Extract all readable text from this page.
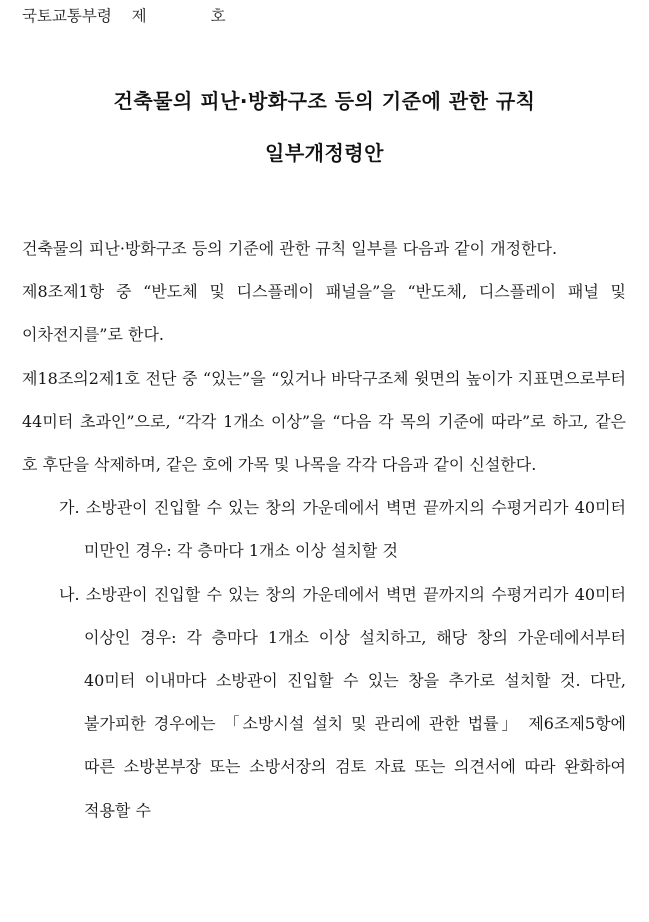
국토교통부령 제	호
건축물의 피난·방화구조 등의 기준에 관한 규칙
일부개정령안

건축물의 피난·방화구조 등의 기준에 관한 규칙 일부를 다음과 같이 개정한다.

제8조제1항 중 “반도체 및 디스플레이 패널을”을 “반도체, 디스플레이 패널 및 이차전지를”로 한다.

제18조의2제1호 전단 중 “있는”을 “있거나 바닥구조체 윗면의 높이가 지표면으로부터 44미터 초과인”으로, “각각 1개소 이상”을 “다음 각 목의 기준에 따라”로 하고, 같은 호 후단을 삭제하며, 같은 호에 가목 및 나목을 각각 다음과 같이 신설한다.

가. 소방관이 진입할 수 있는 창의 가운데에서 벽면 끝까지의 수평거리가 40미터 미만인 경우: 각 층마다 1개소 이상 설치할 것

나. 소방관이 진입할 수 있는 창의 가운데에서 벽면 끝까지의 수평거리가 40미터 이상인 경우: 각 층마다 1개소 이상 설치하고, 해당 창의 가운데에서부터 40미터 이내마다 소방관이 진입할 수 있는 창을 추가로 설치할 것. 다만, 불가피한 경우에는 「소방시설 설치 및 관리에 관한 법률」 제6조제5항에 따른 소방본부장 또는 소방서장의 검토 자료 또는 의견서에 따라 완화하여 적용할 수
